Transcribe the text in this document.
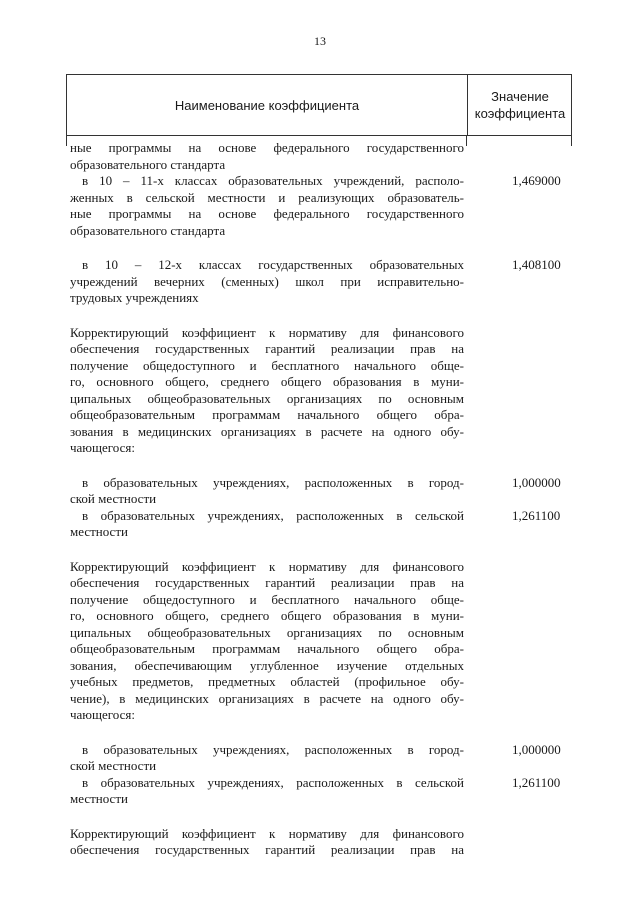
13
Наименование коэффициента
Значение
коэффициента
ные программы на основе федерального государственного
образовательного стандарта
в 10 – 11-х классах образовательных учреждений, располо-
женных в сельской местности и реализующих образователь-
ные программы на основе федерального государственного
образовательного стандарта
1,469000
в 10 – 12-х классах государственных образовательных
учреждений вечерних (сменных) школ при исправительно-
трудовых учреждениях
1,408100
Корректирующий коэффициент к нормативу для финансового
обеспечения государственных гарантий реализации прав на
получение общедоступного и бесплатного начального обще-
го, основного общего, среднего общего образования в муни-
ципальных общеобразовательных организациях по основным
общеобразовательным программам начального общего обра-
зования в медицинских организациях в расчете на одного обу-
чающегося:
в образовательных учреждениях, расположенных в город-
ской местности
1,000000
в образовательных учреждениях, расположенных в сельской
местности
1,261100
Корректирующий коэффициент к нормативу для финансового
обеспечения государственных гарантий реализации прав на
получение общедоступного и бесплатного начального обще-
го, основного общего, среднего общего образования в муни-
ципальных общеобразовательных организациях по основным
общеобразовательным программам начального общего обра-
зования, обеспечивающим углубленное изучение отдельных
учебных предметов, предметных областей (профильное обу-
чение), в медицинских организациях в расчете на одного обу-
чающегося:
в образовательных учреждениях, расположенных в город-
ской местности
1,000000
в образовательных учреждениях, расположенных в сельской
местности
1,261100
Корректирующий коэффициент к нормативу для финансового
обеспечения государственных гарантий реализации прав на
